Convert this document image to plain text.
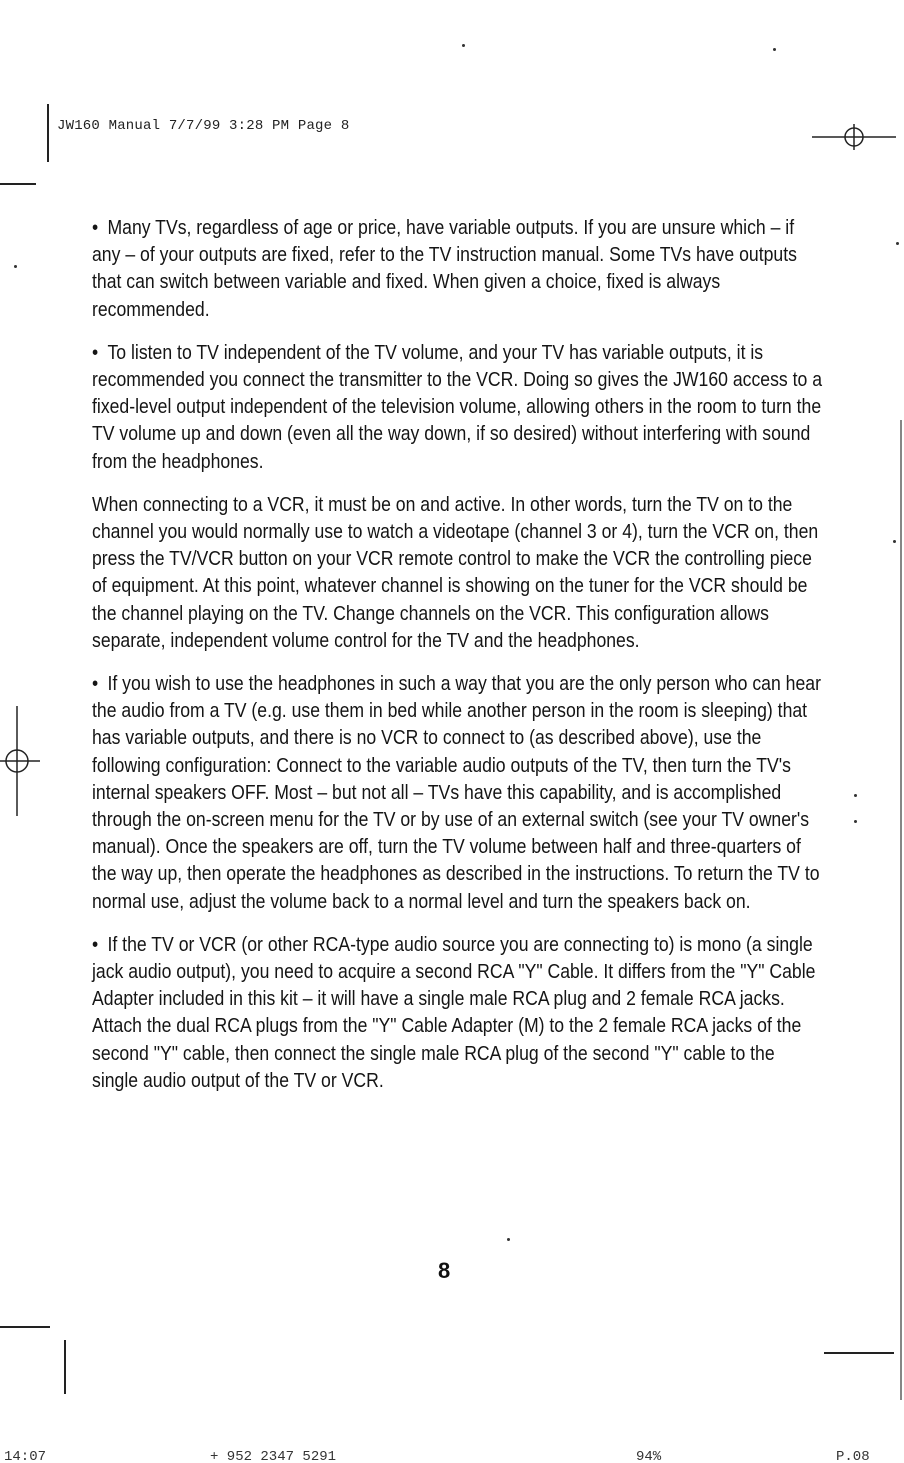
JW160 Manual 7/7/99 3:28 PM Page 8

• Many TVs, regardless of age or price, have variable outputs. If you are unsure which – if any – of your outputs are fixed, refer to the TV instruction manual. Some TVs have outputs that can switch between variable and fixed. When given a choice, fixed is always recommended.

• To listen to TV independent of the TV volume, and your TV has variable outputs, it is recommended you connect the transmitter to the VCR. Doing so gives the JW160 access to a fixed-level output independent of the television volume, allowing others in the room to turn the TV volume up and down (even all the way down, if so desired) without interfering with sound from the headphones.

When connecting to a VCR, it must be on and active. In other words, turn the TV on to the channel you would normally use to watch a videotape (channel 3 or 4), turn the VCR on, then press the TV/VCR button on your VCR remote control to make the VCR the controlling piece of equipment. At this point, whatever channel is showing on the tuner for the VCR should be the channel playing on the TV. Change channels on the VCR. This configuration allows separate, independent volume control for the TV and the headphones.

• If you wish to use the headphones in such a way that you are the only person who can hear the audio from a TV (e.g. use them in bed while another person in the room is sleeping) that has variable outputs, and there is no VCR to connect to (as described above), use the following configuration: Connect to the variable audio outputs of the TV, then turn the TV's internal speakers OFF. Most – but not all – TVs have this capability, and is accomplished through the on-screen menu for the TV or by use of an external switch (see your TV owner's manual). Once the speakers are off, turn the TV volume between half and three-quarters of the way up, then operate the headphones as described in the instructions. To return the TV to normal use, adjust the volume back to a normal level and turn the speakers back on.

• If the TV or VCR (or other RCA-type audio source you are connecting to) is mono (a single jack audio output), you need to acquire a second RCA "Y" Cable. It differs from the "Y" Cable Adapter included in this kit – it will have a single male RCA plug and 2 female RCA jacks. Attach the dual RCA plugs from the "Y" Cable Adapter (M) to the 2 female RCA jacks of the second "Y" cable, then connect the single male RCA plug of the second "Y" cable to the single audio output of the TV or VCR.

8
14:07	+ 952 2347 5291	94%	P.08
